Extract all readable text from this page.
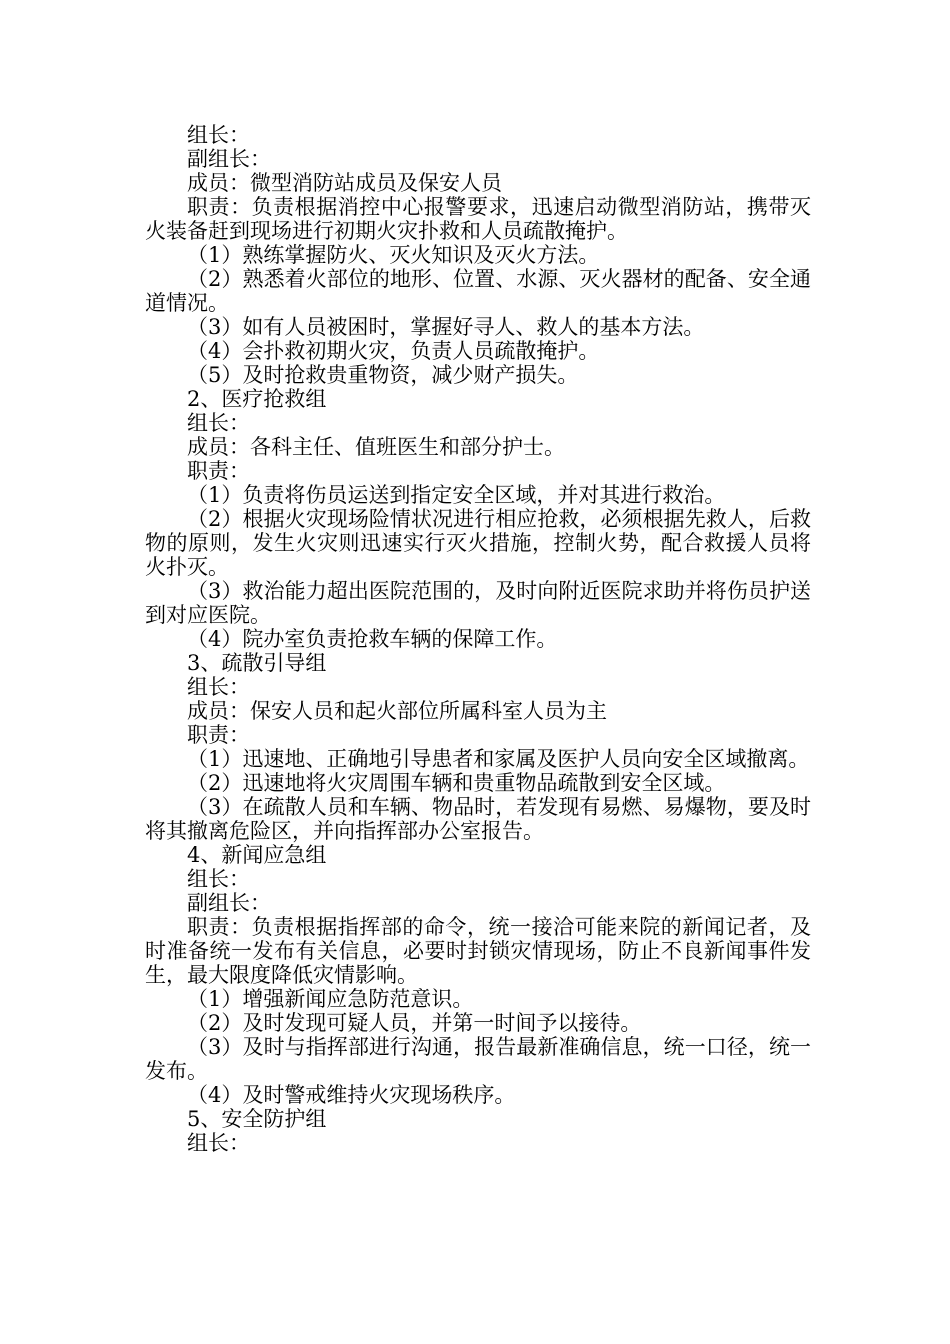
组长：

副组长：

成员：微型消防站成员及保安人员

职责：负责根据消控中心报警要求，迅速启动微型消防站，携带灭火装备赶到现场进行初期火灾扑救和人员疏散掩护。

（1）熟练掌握防火、灭火知识及灭火方法。

（2）熟悉着火部位的地形、位置、水源、灭火器材的配备、安全通道情况。

（3）如有人员被困时，掌握好寻人、救人的基本方法。

（4）会扑救初期火灾，负责人员疏散掩护。

（5）及时抢救贵重物资，减少财产损失。

2、医疗抢救组

组长：

成员：各科主任、值班医生和部分护士。

职责：

（1）负责将伤员运送到指定安全区域，并对其进行救治。

（2）根据火灾现场险情状况进行相应抢救，必须根据先救人，后救物的原则，发生火灾则迅速实行灭火措施，控制火势，配合救援人员将火扑灭。

（3）救治能力超出医院范围的，及时向附近医院求助并将伤员护送到对应医院。

（4）院办室负责抢救车辆的保障工作。

3、疏散引导组

组长：

成员：保安人员和起火部位所属科室人员为主

职责：

（1）迅速地、正确地引导患者和家属及医护人员向安全区域撤离。

（2）迅速地将火灾周围车辆和贵重物品疏散到安全区域。

（3）在疏散人员和车辆、物品时，若发现有易燃、易爆物，要及时将其撤离危险区，并向指挥部办公室报告。

4、新闻应急组

组长：

副组长：

职责：负责根据指挥部的命令，统一接洽可能来院的新闻记者，及时准备统一发布有关信息，必要时封锁灾情现场，防止不良新闻事件发生，最大限度降低灾情影响。

（1）增强新闻应急防范意识。

（2）及时发现可疑人员，并第一时间予以接待。

（3）及时与指挥部进行沟通，报告最新准确信息，统一口径，统一发布。

（4）及时警戒维持火灾现场秩序。

5、安全防护组

组长：
